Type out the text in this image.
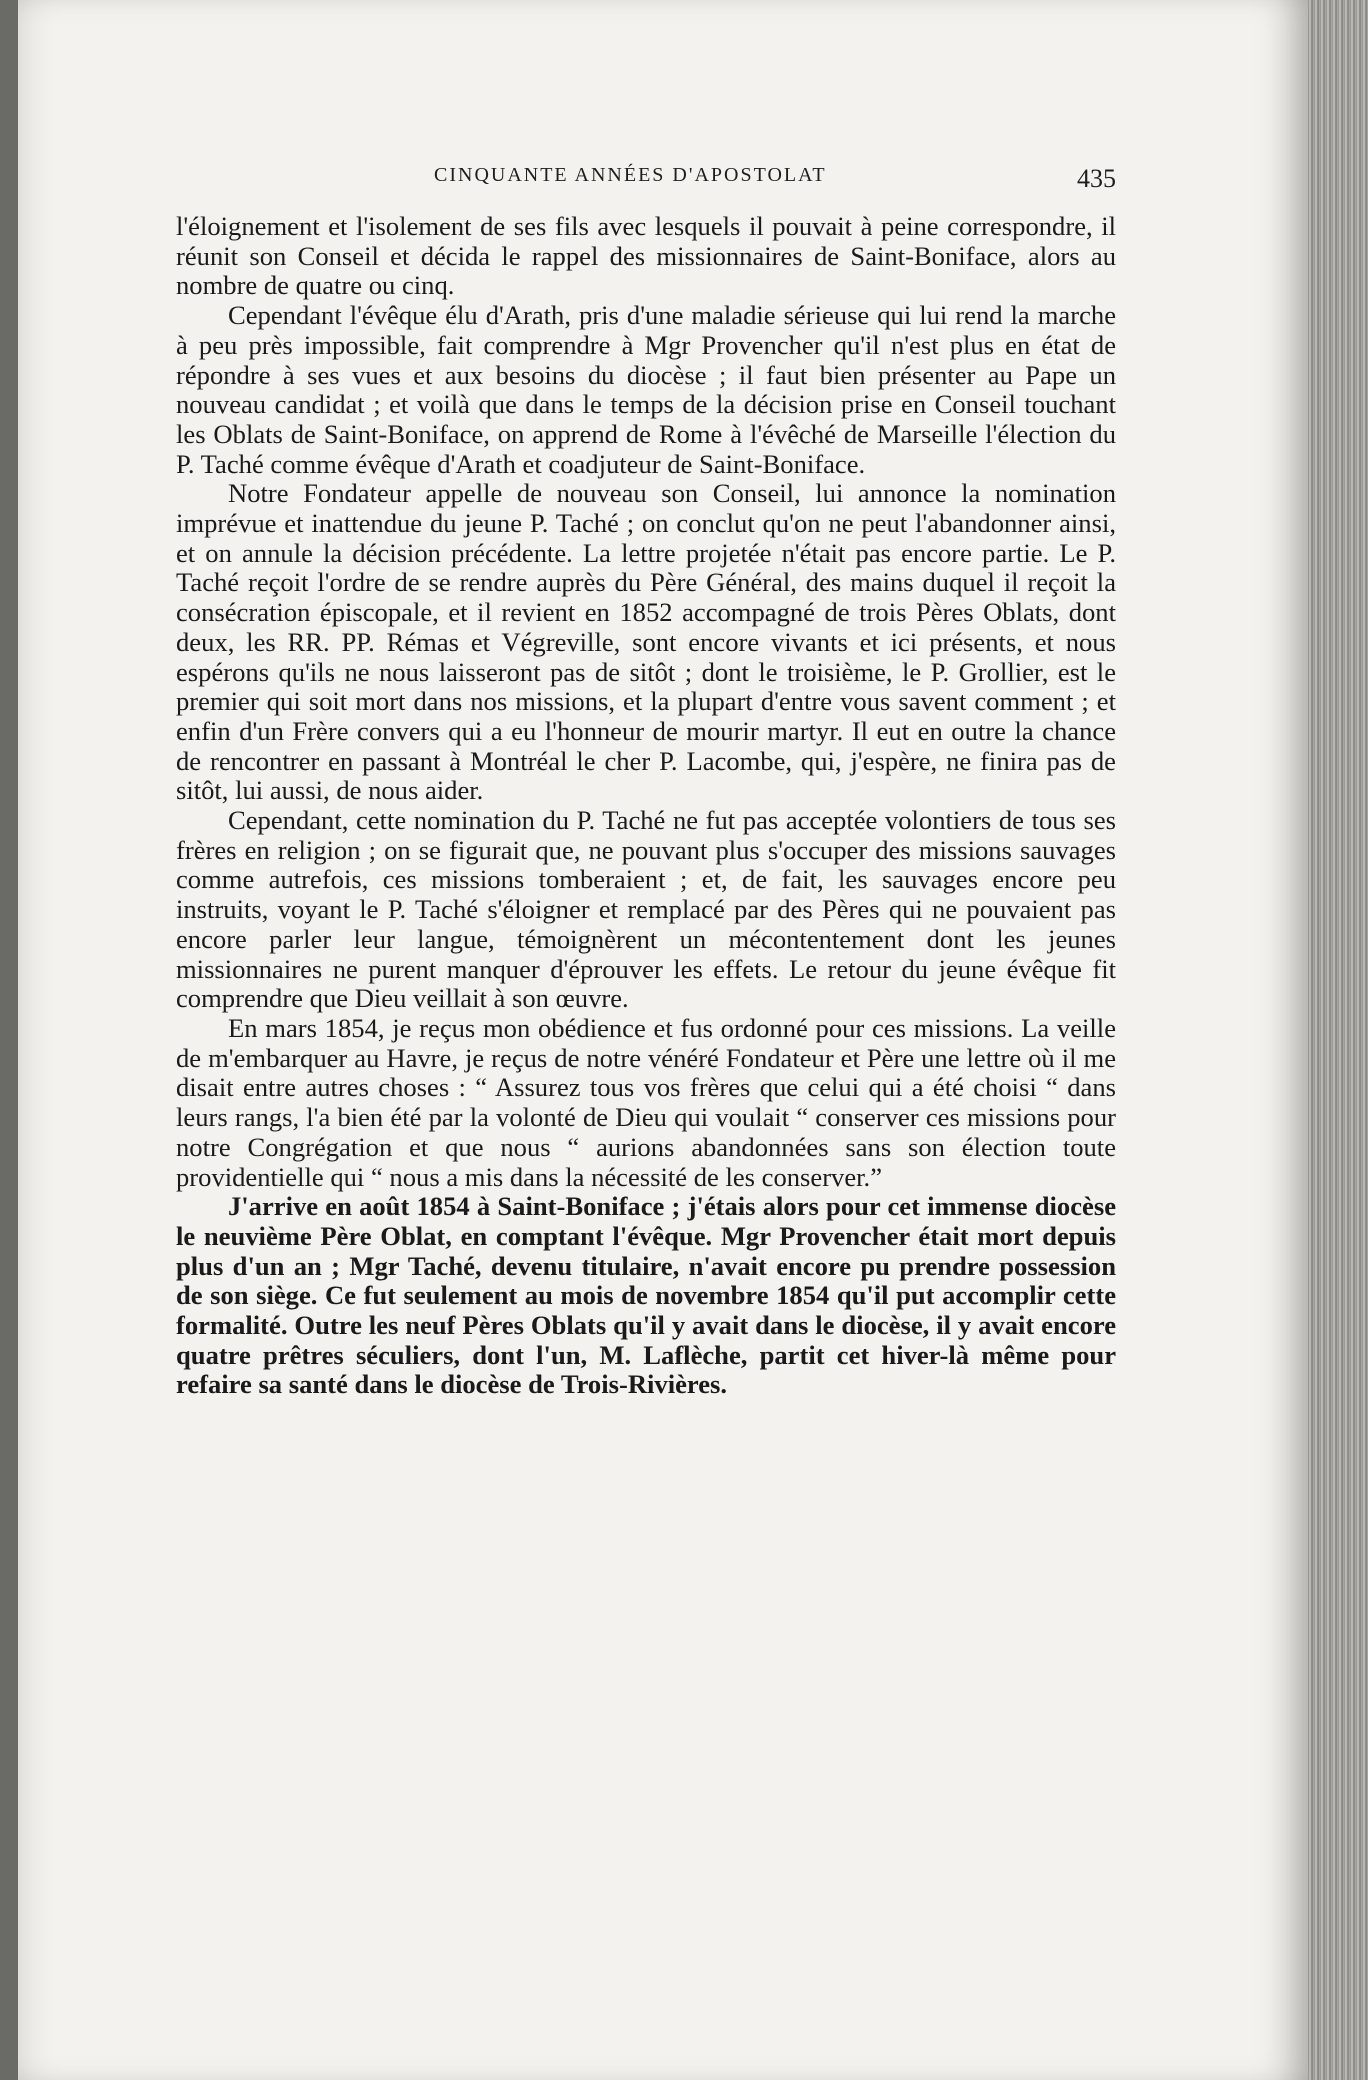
CINQUANTE ANNÉES D'APOSTOLAT	435

l'éloignement et l'isolement de ses fils avec lesquels il pouvait à peine correspondre, il réunit son Conseil et décida le rappel des missionnaires de Saint-Boniface, alors au nombre de quatre ou cinq.

Cependant l'évêque élu d'Arath, pris d'une maladie sérieuse qui lui rend la marche à peu près impossible, fait comprendre à Mgr Provencher qu'il n'est plus en état de répondre à ses vues et aux besoins du diocèse ; il faut bien présenter au Pape un nouveau candidat ; et voilà que dans le temps de la décision prise en Conseil touchant les Oblats de Saint-Boniface, on apprend de Rome à l'évêché de Marseille l'élection du P. Taché comme évêque d'Arath et coadjuteur de Saint-Boniface.

Notre Fondateur appelle de nouveau son Conseil, lui annonce la nomination imprévue et inattendue du jeune P. Taché ; on conclut qu'on ne peut l'abandonner ainsi, et on annule la décision précédente. La lettre projetée n'était pas encore partie. Le P. Taché reçoit l'ordre de se rendre auprès du Père Général, des mains duquel il reçoit la consécration épiscopale, et il revient en 1852 accompagné de trois Pères Oblats, dont deux, les RR. PP. Rémas et Végreville, sont encore vivants et ici présents, et nous espérons qu'ils ne nous laisseront pas de sitôt ; dont le troisième, le P. Grollier, est le premier qui soit mort dans nos missions, et la plupart d'entre vous savent comment ; et enfin d'un Frère convers qui a eu l'honneur de mourir martyr. Il eut en outre la chance de rencontrer en passant à Montréal le cher P. Lacombe, qui, j'espère, ne finira pas de sitôt, lui aussi, de nous aider.

Cependant, cette nomination du P. Taché ne fut pas acceptée volontiers de tous ses frères en religion ; on se figurait que, ne pouvant plus s'occuper des missions sauvages comme autrefois, ces missions tomberaient ; et, de fait, les sauvages encore peu instruits, voyant le P. Taché s'éloigner et remplacé par des Pères qui ne pouvaient pas encore parler leur langue, témoignèrent un mécontentement dont les jeunes missionnaires ne purent manquer d'éprouver les effets. Le retour du jeune évêque fit comprendre que Dieu veillait à son œuvre.

En mars 1854, je reçus mon obédience et fus ordonné pour ces missions. La veille de m'embarquer au Havre, je reçus de notre vénéré Fondateur et Père une lettre où il me disait entre autres choses : “ Assurez tous vos frères que celui qui a été choisi “ dans leurs rangs, l'a bien été par la volonté de Dieu qui voulait “ conserver ces missions pour notre Congrégation et que nous “ aurions abandonnées sans son élection toute providentielle qui “ nous a mis dans la nécessité de les conserver.”

J'arrive en août 1854 à Saint-Boniface ; j'étais alors pour cet immense diocèse le neuvième Père Oblat, en comptant l'évêque. Mgr Provencher était mort depuis plus d'un an ; Mgr Taché, devenu titulaire, n'avait encore pu prendre possession de son siège. Ce fut seulement au mois de novembre 1854 qu'il put accomplir cette formalité. Outre les neuf Pères Oblats qu'il y avait dans le diocèse, il y avait encore quatre prêtres séculiers, dont l'un, M. Laflèche, partit cet hiver-là même pour refaire sa santé dans le diocèse de Trois-Rivières.
